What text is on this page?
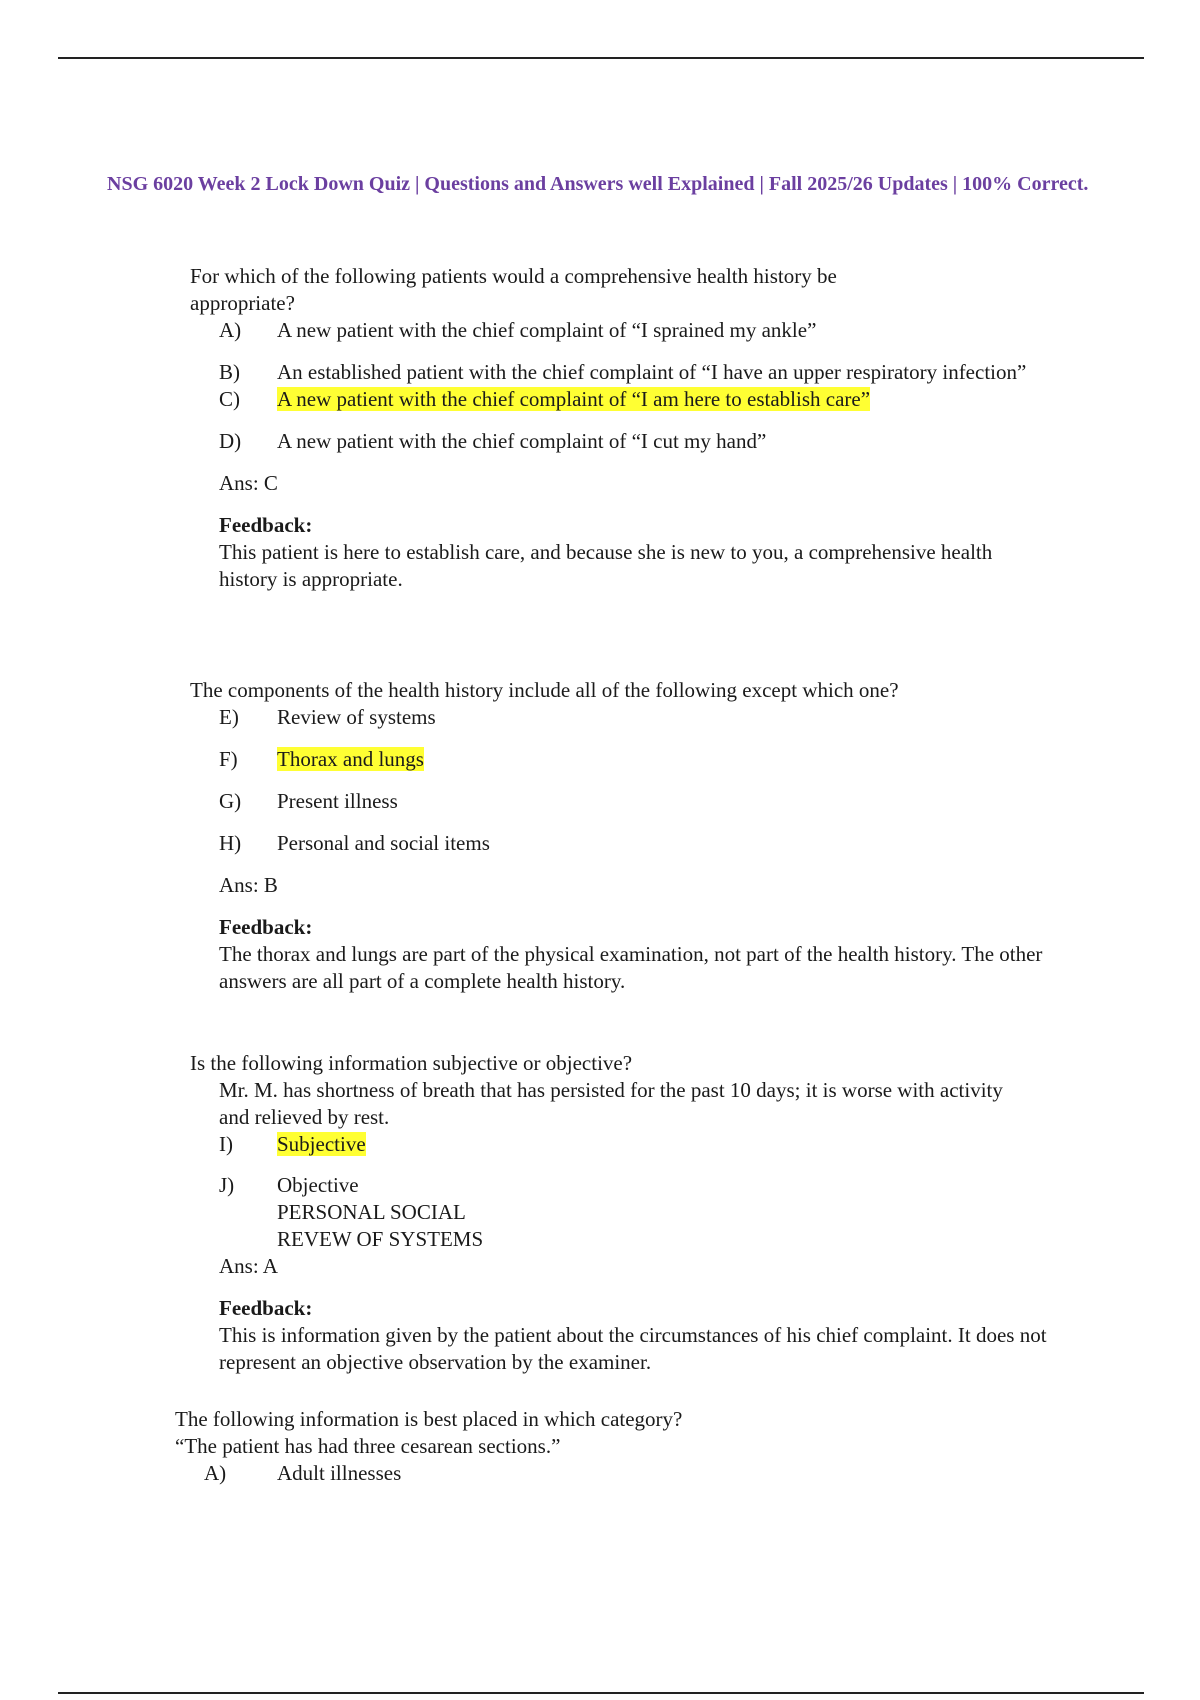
NSG 6020 Week 2 Lock Down Quiz | Questions and Answers well Explained | Fall 2025/26 Updates | 100% Correct.

For which of the following patients would a comprehensive health history be appropriate?

A) A new patient with the chief complaint of “I sprained my ankle”

B) An established patient with the chief complaint of “I have an upper respiratory infection”

C) A new patient with the chief complaint of “I am here to establish care”

D) A new patient with the chief complaint of “I cut my hand”

Ans: C

Feedback:

This patient is here to establish care, and because she is new to you, a comprehensive health history is appropriate.

The components of the health history include all of the following except which one?

E) Review of systems

F) Thorax and lungs

G) Present illness

H) Personal and social items

Ans: B

Feedback:

The thorax and lungs are part of the physical examination, not part of the health history. The other answers are all part of a complete health history.

Is the following information subjective or objective?

Mr. M. has shortness of breath that has persisted for the past 10 days; it is worse with activity and relieved by rest.

I) Subjective

J) Objective

PERSONAL SOCIAL

REVEW OF SYSTEMS

Ans: A

Feedback:

This is information given by the patient about the circumstances of his chief complaint. It does not represent an objective observation by the examiner.

The following information is best placed in which category?

“The patient has had three cesarean sections.”

A) Adult illnesses
